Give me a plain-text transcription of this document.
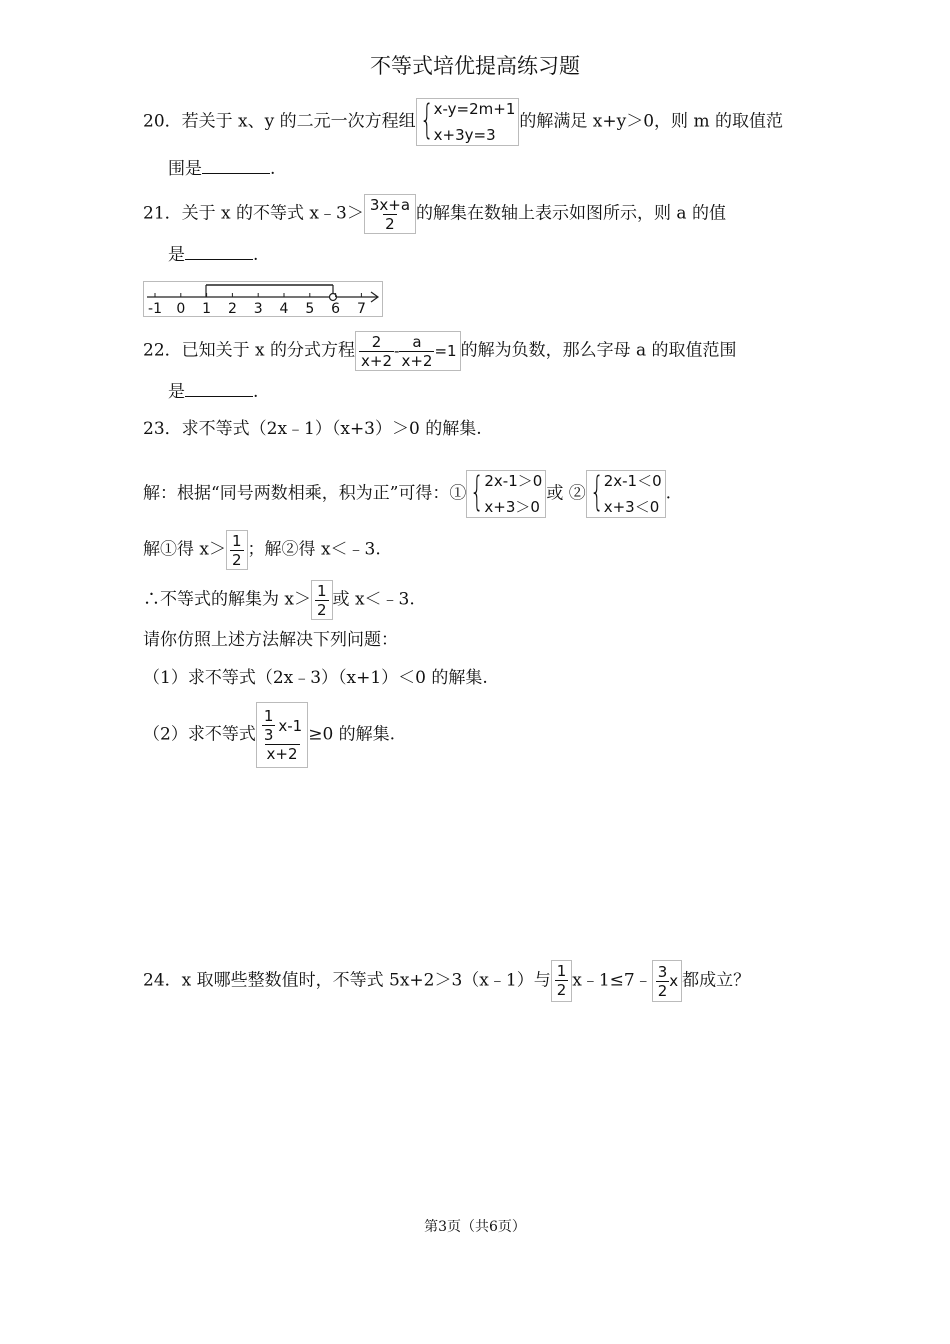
不等式培优提高练习题
20．若关于 x、y 的二元一次方程组 { x-y=2m+1
x+3y=3
的解满足 x+y＞0，则 m 的取值范
围是	.
21．关于 x 的不等式 x﹣3＞ $\frac{3x+a}{2}$ 的解集在数轴上表示如图所示，则 a 的值
是	.
-1 0 1 2 3 4 5 6 7
22．已知关于 x 的分式方程 $\frac{2}{x+2} - \frac{a}{x+2} =1$ 的解为负数，那么字母 a 的取值范围
是	.
23．求不等式（2x﹣1）（x+3）＞0 的解集.
解：根据“同号两数相乘，积为正”可得：① { 2x-1＞0
x+3＞0
或 ② { 2x-1＜0
x+3＜0
.
解①得 $x> \frac{1}{2}$ ；解②得 x＜﹣3.
∴不等式的解集为 $x> \frac{1}{2}$ 或 x＜﹣3.
请你仿照上述方法解决下列问题：
（1）求不等式（2x﹣3）（x+1）＜0 的解集.
（2）求不等式 $\frac{\frac{1}{3} x-1}{x+2} \ge 0$ 的解集.
24．x 取哪些整数值时，不等式 5x+2＞3（x﹣1）与 $\frac{1}{2}$ x﹣1≤7﹣ $\frac{3}{2}$ x 都成立？
第3页（共6页）
